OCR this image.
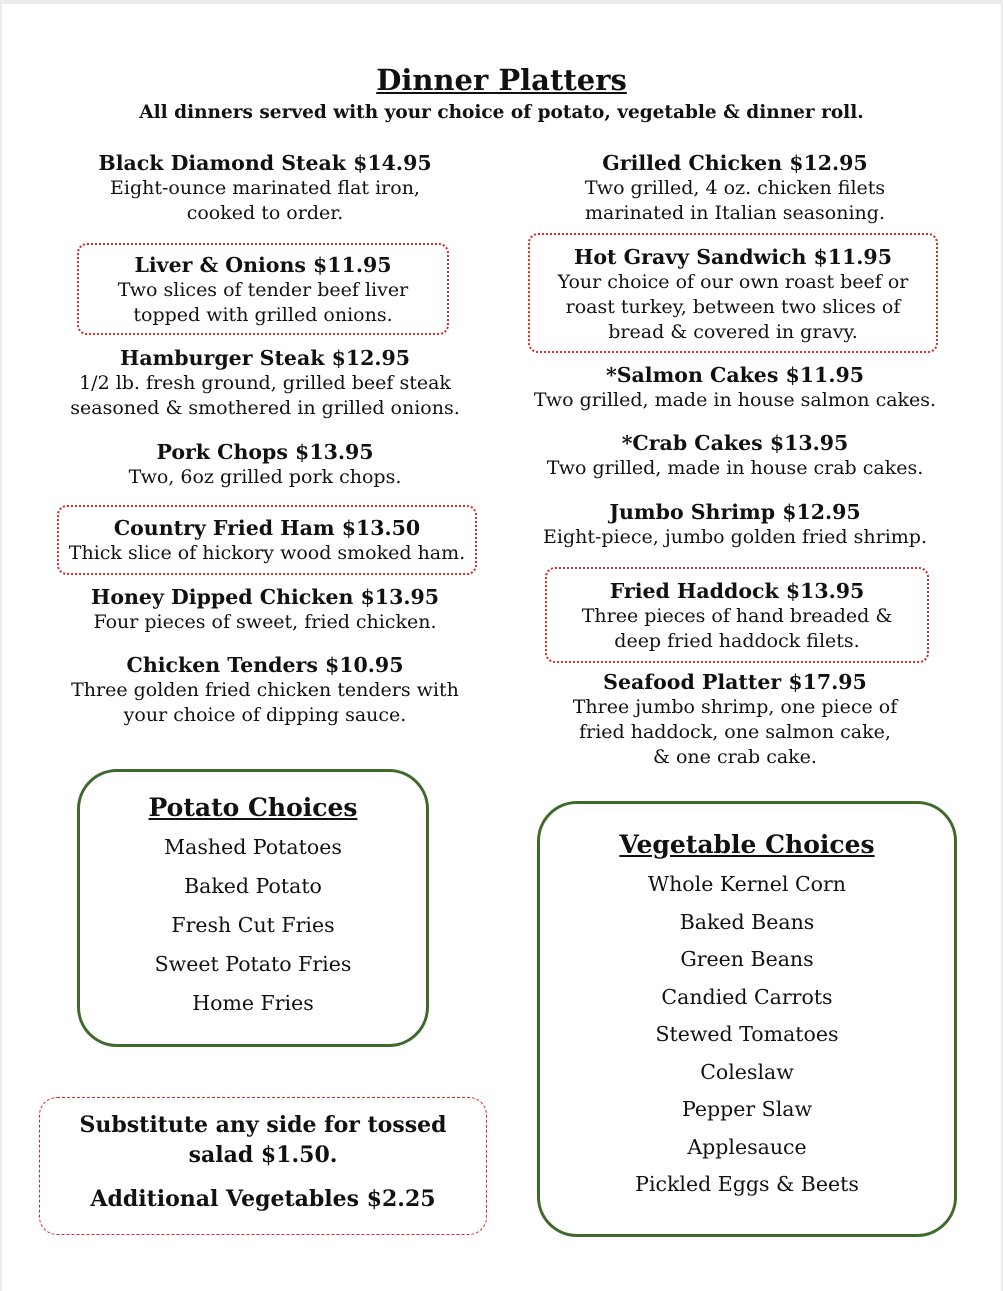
Dinner Platters
All dinners served with your choice of potato, vegetable & dinner roll.
Black Diamond Steak $14.95
Eight-ounce marinated flat iron,
cooked to order.
Liver & Onions $11.95
Two slices of tender beef liver
topped with grilled onions.
Hamburger Steak $12.95
1/2 lb. fresh ground, grilled beef steak
seasoned & smothered in grilled onions.
Pork Chops $13.95
Two, 6oz grilled pork chops.
Country Fried Ham $13.50
Thick slice of hickory wood smoked ham.
Honey Dipped Chicken $13.95
Four pieces of sweet, fried chicken.
Chicken Tenders $10.95
Three golden fried chicken tenders with
your choice of dipping sauce.
Grilled Chicken $12.95
Two grilled, 4 oz. chicken filets
marinated in Italian seasoning.
Hot Gravy Sandwich $11.95
Your choice of our own roast beef or
roast turkey, between two slices of
bread & covered in gravy.
*Salmon Cakes $11.95
Two grilled, made in house salmon cakes.
*Crab Cakes $13.95
Two grilled, made in house crab cakes.
Jumbo Shrimp $12.95
Eight-piece, jumbo golden fried shrimp.
Fried Haddock $13.95
Three pieces of hand breaded &
deep fried haddock filets.
Seafood Platter $17.95
Three jumbo shrimp, one piece of
fried haddock, one salmon cake,
& one crab cake.
Potato Choices
Mashed Potatoes
Baked Potato
Fresh Cut Fries
Sweet Potato Fries
Home Fries
Vegetable Choices
Whole Kernel Corn
Baked Beans
Green Beans
Candied Carrots
Stewed Tomatoes
Coleslaw
Pepper Slaw
Applesauce
Pickled Eggs & Beets
Substitute any side for tossed
salad $1.50.
Additional Vegetables $2.25
